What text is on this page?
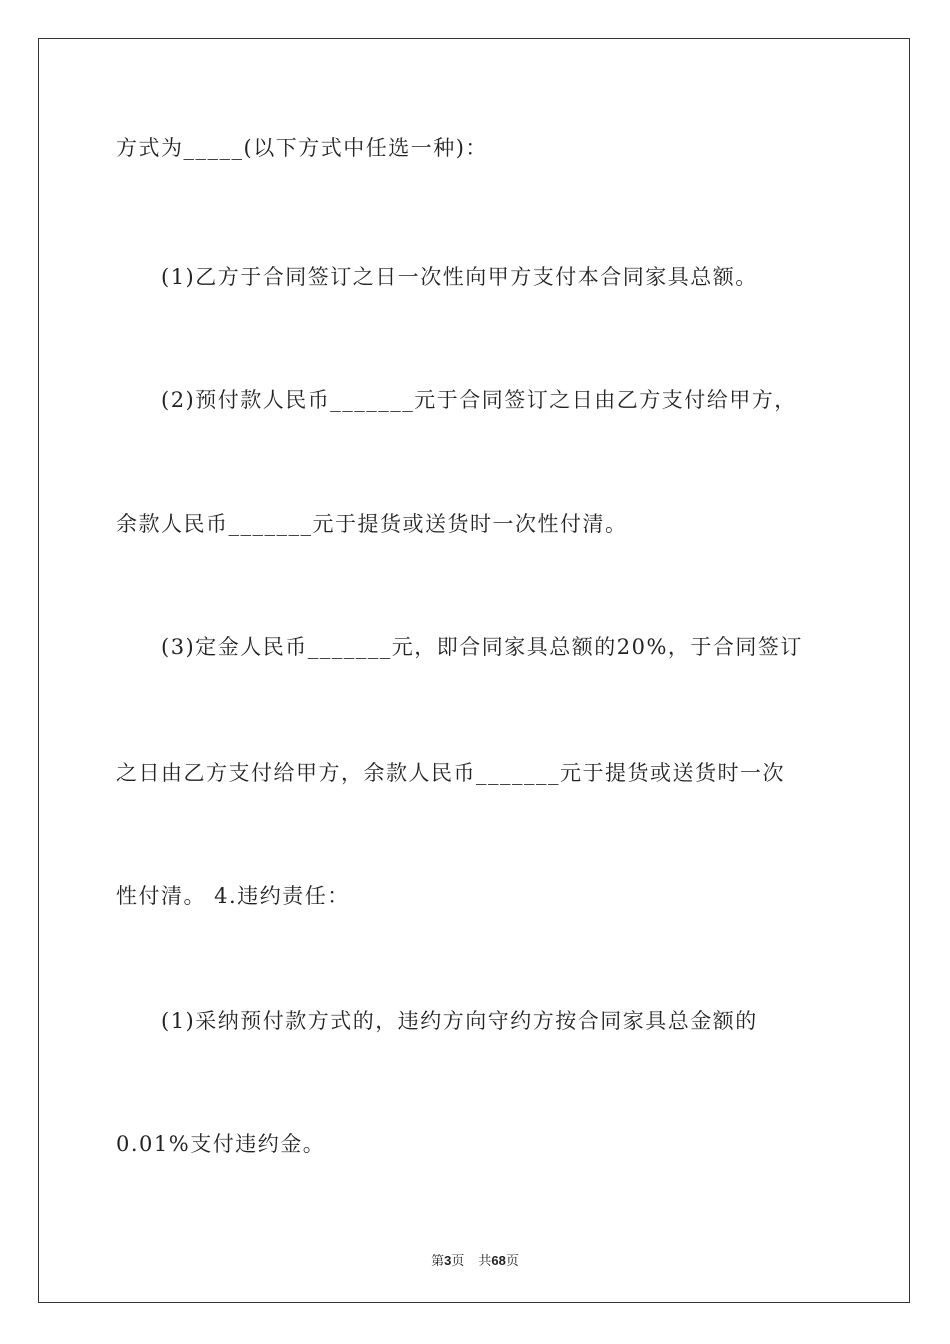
方式为_____(以下方式中任选一种)：
(1)乙方于合同签订之日一次性向甲方支付本合同家具总额。
(2)预付款人民币_______元于合同签订之日由乙方支付给甲方，
余款人民币_______元于提货或送货时一次性付清。
(3)定金人民币_______元，即合同家具总额的20%，于合同签订
之日由乙方支付给甲方，余款人民币_______元于提货或送货时一次
性付清。 4.违约责任：
(1)采纳预付款方式的，违约方向守约方按合同家具总金额的
0.01%支付违约金。
第3页 共68页
